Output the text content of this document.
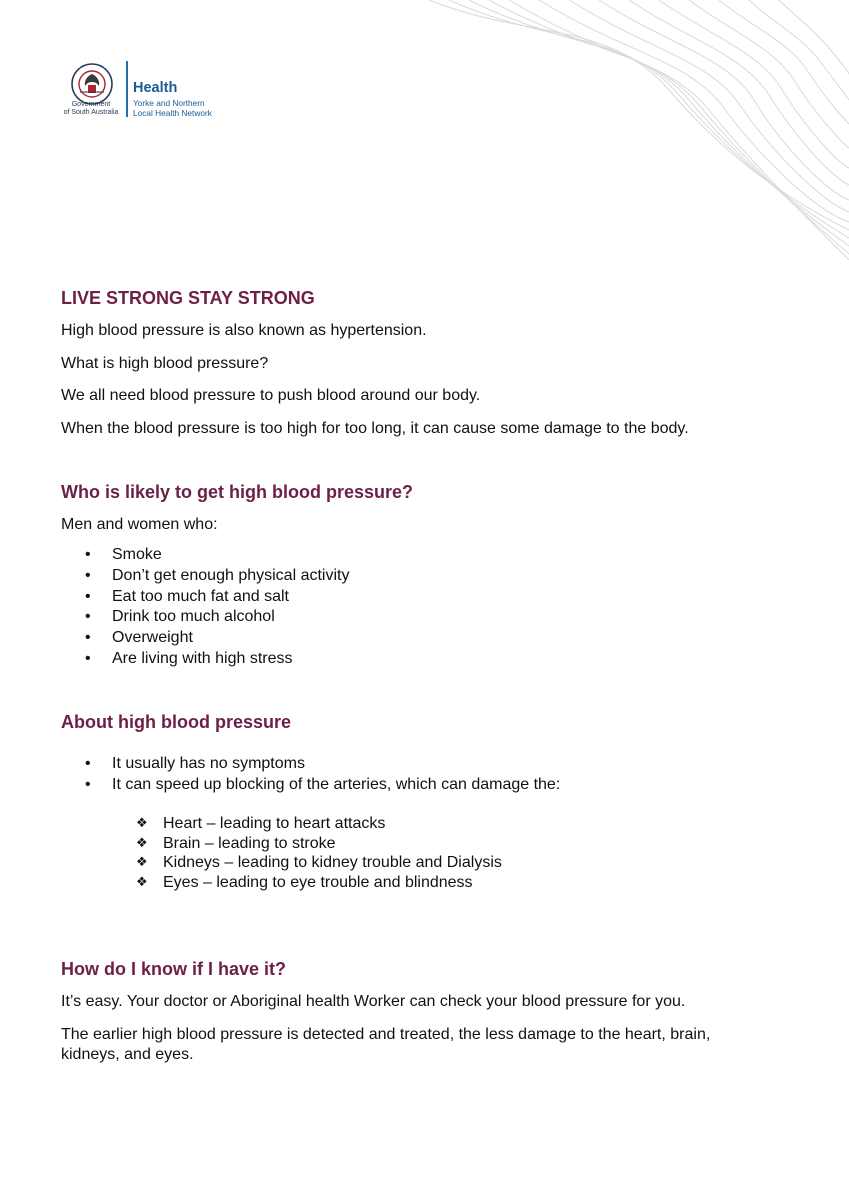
Government
of South Australia
Health
Yorke and Northern
Local Health Network
LIVE STRONG STAY STRONG

High blood pressure is also known as hypertension.

What is high blood pressure?

We all need blood pressure to push blood around our body.

When the blood pressure is too high for too long, it can cause some damage to the body.

Who is likely to get high blood pressure?

Men and women who:

• Smoke
• Don’t get enough physical activity
• Eat too much fat and salt
• Drink too much alcohol
• Overweight
• Are living with high stress
About high blood pressure
• It usually has no symptoms
• It can speed up blocking of the arteries, which can damage the:
❖ Heart – leading to heart attacks
❖ Brain – leading to stroke
❖ Kidneys – leading to kidney trouble and Dialysis
❖ Eyes – leading to eye trouble and blindness
How do I know if I have it?

It’s easy. Your doctor or Aboriginal health Worker can check your blood pressure for you.

The earlier high blood pressure is detected and treated, the less damage to the heart, brain, kidneys, and eyes.
